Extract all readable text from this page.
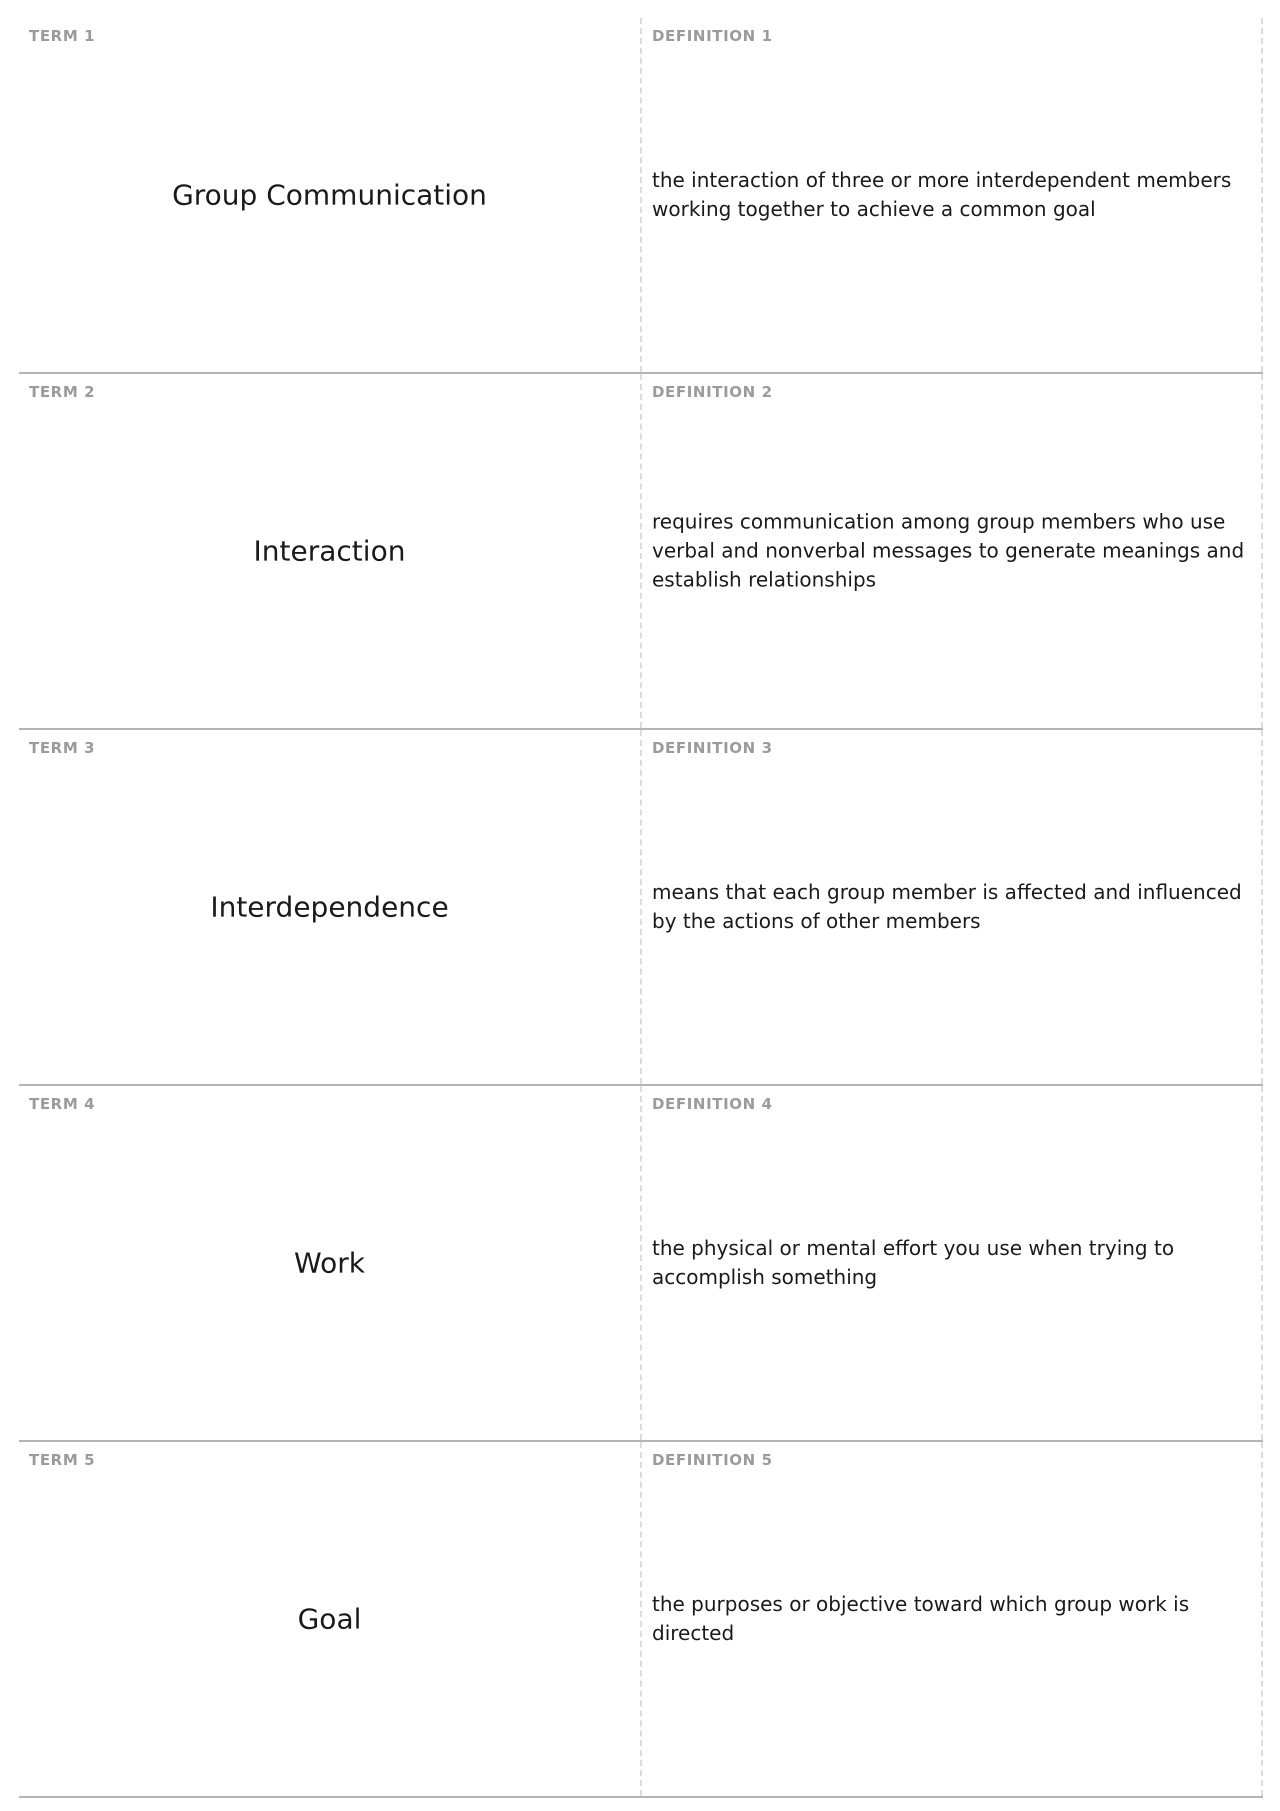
TERM 1
Group Communication
DEFINITION 1
the interaction of three or more interdependent members working together to achieve a common goal
TERM 2
Interaction
DEFINITION 2
requires communication among group members who use verbal and nonverbal messages to generate meanings and establish relationships
TERM 3
Interdependence
DEFINITION 3
means that each group member is affected and influenced by the actions of other members
TERM 4
Work
DEFINITION 4
the physical or mental effort you use when trying to accomplish something
TERM 5
Goal
DEFINITION 5
the purposes or objective toward which group work is directed
